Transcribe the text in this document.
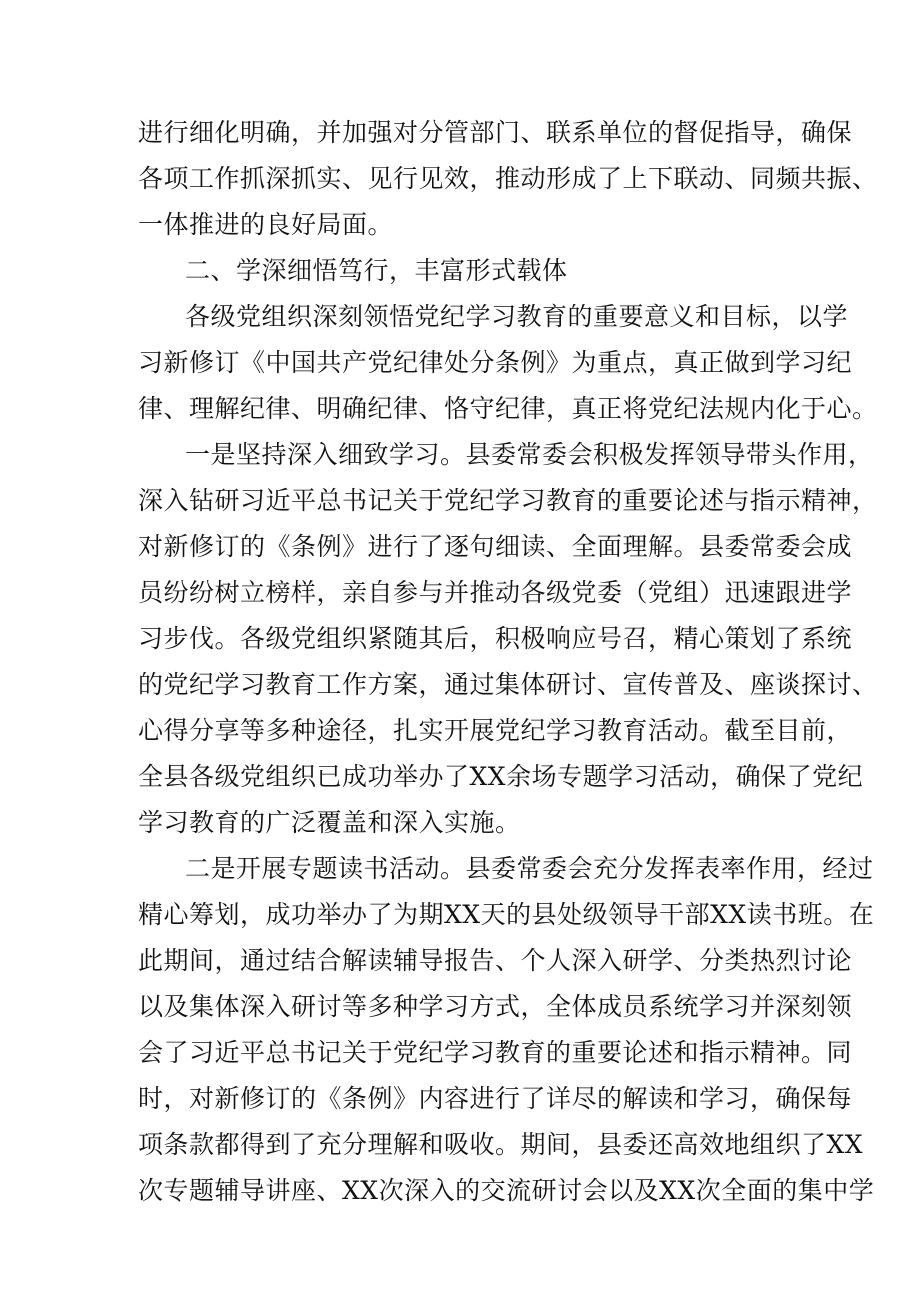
进行细化明确，并加强对分管部门、联系单位的督促指导，确保
各项工作抓深抓实、见行见效，推动形成了上下联动、同频共振、
一体推进的良好局面。
二、学深细悟笃行，丰富形式载体
各级党组织深刻领悟党纪学习教育的重要意义和目标，以学
习新修订《中国共产党纪律处分条例》为重点，真正做到学习纪
律、理解纪律、明确纪律、恪守纪律，真正将党纪法规内化于心。
一是坚持深入细致学习。县委常委会积极发挥领导带头作用，
深入钻研习近平总书记关于党纪学习教育的重要论述与指示精神，
对新修订的《条例》进行了逐句细读、全面理解。县委常委会成
员纷纷树立榜样，亲自参与并推动各级党委（党组）迅速跟进学
习步伐。各级党组织紧随其后，积极响应号召，精心策划了系统
的党纪学习教育工作方案，通过集体研讨、宣传普及、座谈探讨、
心得分享等多种途径，扎实开展党纪学习教育活动。截至目前，
全县各级党组织已成功举办了XX余场专题学习活动，确保了党纪
学习教育的广泛覆盖和深入实施。
二是开展专题读书活动。县委常委会充分发挥表率作用，经过
精心筹划，成功举办了为期XX天的县处级领导干部XX读书班。在
此期间，通过结合解读辅导报告、个人深入研学、分类热烈讨论
以及集体深入研讨等多种学习方式，全体成员系统学习并深刻领
会了习近平总书记关于党纪学习教育的重要论述和指示精神。同
时，对新修订的《条例》内容进行了详尽的解读和学习，确保每
项条款都得到了充分理解和吸收。期间，县委还高效地组织了XX
次专题辅导讲座、XX次深入的交流研讨会以及XX次全面的集中学
